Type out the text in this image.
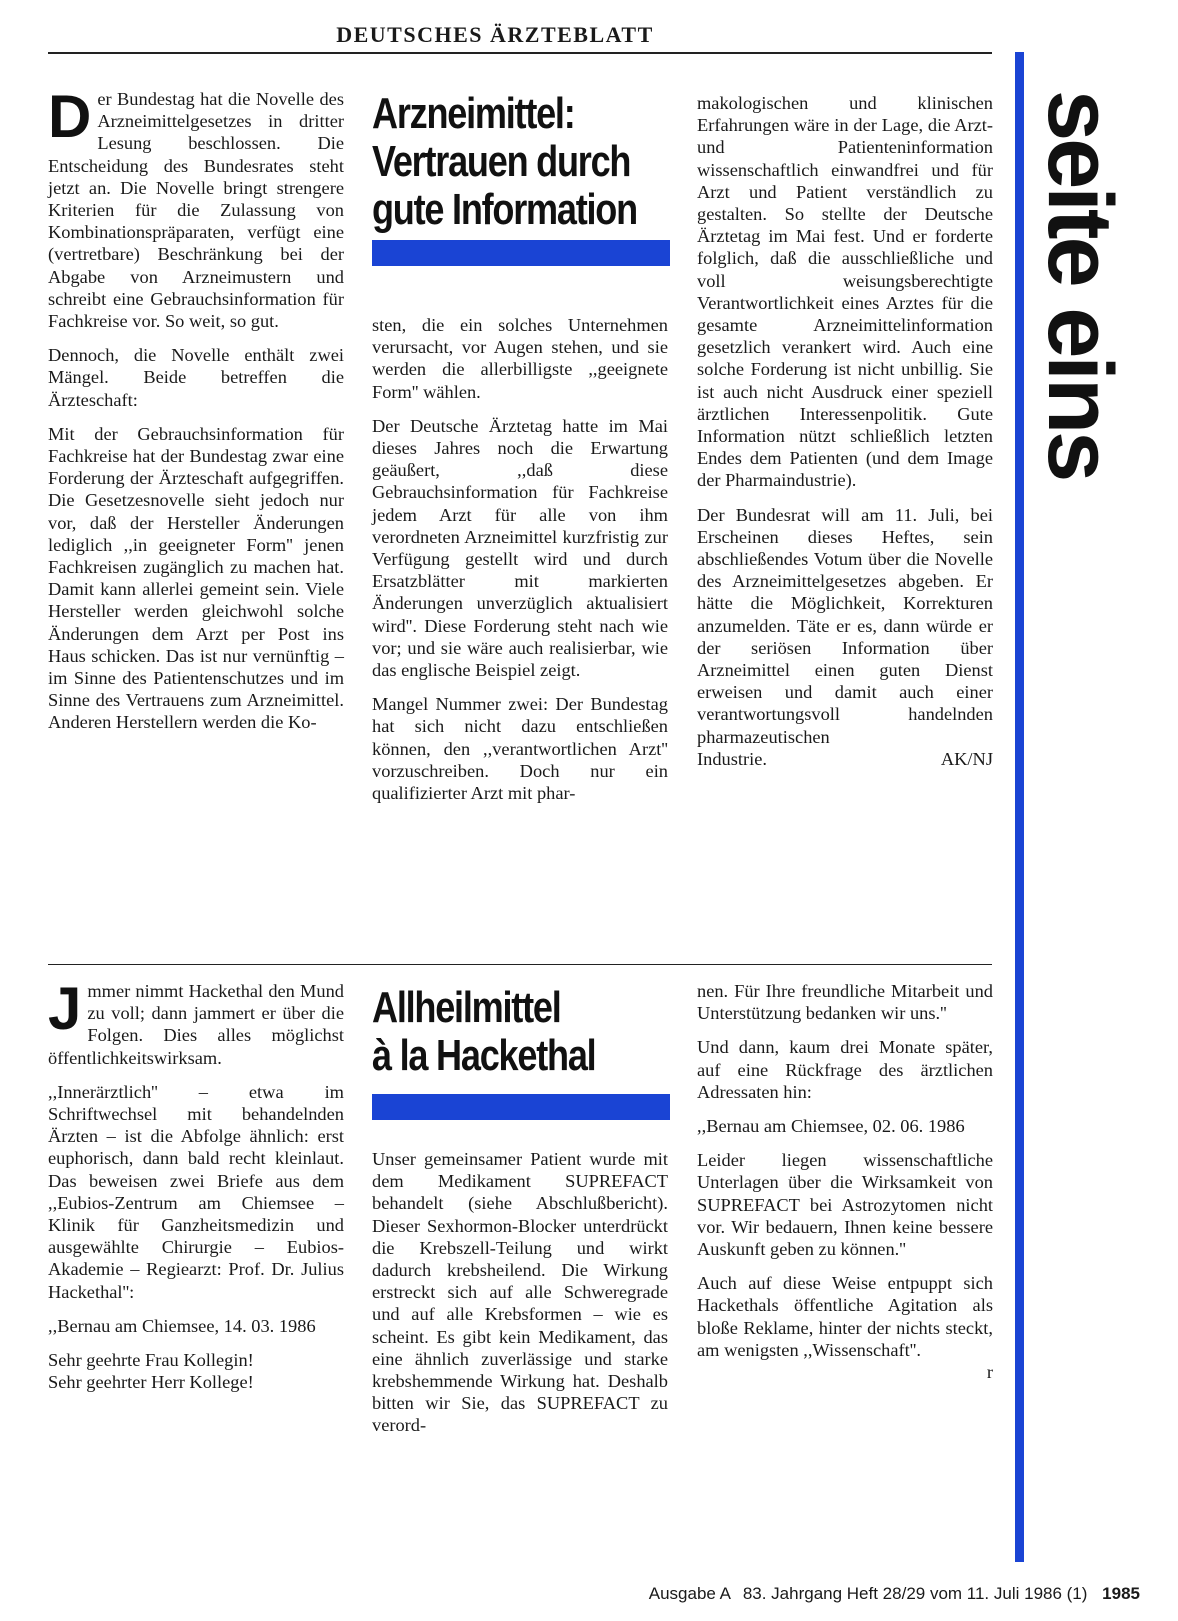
DEUTSCHES ÄRZTEBLATT
seite eins

Der Bundestag hat die Novelle des Arzneimittelgesetzes in dritter Lesung beschlossen. Die Entscheidung des Bundesrates steht jetzt an. Die Novelle bringt strengere Kriterien für die Zulassung von Kombinationspräparaten, verfügt eine (vertretbare) Beschränkung bei der Abgabe von Arzneimustern und schreibt eine Gebrauchsinformation für Fachkreise vor. So weit, so gut.

Dennoch, die Novelle enthält zwei Mängel. Beide betreffen die Ärzteschaft:

Mit der Gebrauchsinformation für Fachkreise hat der Bundestag zwar eine Forderung der Ärzteschaft aufgegriffen. Die Gesetzesnovelle sieht jedoch nur vor, daß der Hersteller Änderungen lediglich ,,in geeigneter Form'' jenen Fachkreisen zugänglich zu machen hat. Damit kann allerlei gemeint sein. Viele Hersteller werden gleichwohl solche Änderungen dem Arzt per Post ins Haus schicken. Das ist nur vernünftig – im Sinne des Patientenschutzes und im Sinne des Vertrauens zum Arzneimittel. Anderen Herstellern werden die Ko-

Arzneimittel:
Vertrauen durch
gute Information

sten, die ein solches Unternehmen verursacht, vor Augen stehen, und sie werden die allerbilligste ,,geeignete Form'' wählen.

Der Deutsche Ärztetag hatte im Mai dieses Jahres noch die Erwartung geäußert, ,,daß diese Gebrauchsinformation für Fachkreise jedem Arzt für alle von ihm verordneten Arzneimittel kurzfristig zur Verfügung gestellt wird und durch Ersatzblätter mit markierten Änderungen unverzüglich aktualisiert wird''. Diese Forderung steht nach wie vor; und sie wäre auch realisierbar, wie das englische Beispiel zeigt.

Mangel Nummer zwei: Der Bundestag hat sich nicht dazu entschließen können, den ,,verantwortlichen Arzt'' vorzuschreiben. Doch nur ein qualifizierter Arzt mit phar-

makologischen und klinischen Erfahrungen wäre in der Lage, die Arzt- und Patienteninformation wissenschaftlich einwandfrei und für Arzt und Patient verständlich zu gestalten. So stellte der Deutsche Ärztetag im Mai fest. Und er forderte folglich, daß die ausschließliche und voll weisungsberechtigte Verantwortlichkeit eines Arztes für die gesamte Arzneimittelinformation gesetzlich verankert wird. Auch eine solche Forderung ist nicht unbillig. Sie ist auch nicht Ausdruck einer speziell ärztlichen Interessenpolitik. Gute Information nützt schließlich letzten Endes dem Patienten (und dem Image der Pharmaindustrie).

Der Bundesrat will am 11. Juli, bei Erscheinen dieses Heftes, sein abschließendes Votum über die Novelle des Arzneimittelgesetzes abgeben. Er hätte die Möglichkeit, Korrekturen anzumelden. Täte er es, dann würde er der seriösen Information über Arzneimittel einen guten Dienst erweisen und damit auch einer verantwortungsvoll handelnden pharmazeutischen

Industrie.	AK/NJ

Jmmer nimmt Hackethal den Mund zu voll; dann jammert er über die Folgen. Dies alles möglichst öffentlichkeitswirksam.

,,Innerärztlich'' – etwa im Schriftwechsel mit behandelnden Ärzten – ist die Abfolge ähnlich: erst euphorisch, dann bald recht kleinlaut. Das beweisen zwei Briefe aus dem ,,Eubios-Zentrum am Chiemsee – Klinik für Ganzheitsmedizin und ausgewählte Chirurgie – Eubios-Akademie – Regiearzt: Prof. Dr. Julius Hackethal'':

,,Bernau am Chiemsee, 14. 03. 1986

Sehr geehrte Frau Kollegin!
Sehr geehrter Herr Kollege!
Allheilmittel
à la Hackethal

Unser gemeinsamer Patient wurde mit dem Medikament SUPREFACT behandelt (siehe Abschlußbericht). Dieser Sexhormon-Blocker unterdrückt die Krebszell-Teilung und wirkt dadurch krebsheilend. Die Wirkung erstreckt sich auf alle Schweregrade und auf alle Krebsformen – wie es scheint. Es gibt kein Medikament, das eine ähnlich zuverlässige und starke krebshemmende Wirkung hat. Deshalb bitten wir Sie, das SUPREFACT zu verord-

nen. Für Ihre freundliche Mitarbeit und Unterstützung bedanken wir uns.''

Und dann, kaum drei Monate später, auf eine Rückfrage des ärztlichen Adressaten hin:

,,Bernau am Chiemsee, 02. 06. 1986

Leider liegen wissenschaftliche Unterlagen über die Wirksamkeit von SUPREFACT bei Astrozytomen nicht vor. Wir bedauern, Ihnen keine bessere Auskunft geben zu können.''

Auch auf diese Weise entpuppt sich Hackethals öffentliche Agitation als bloße Reklame, hinter der nichts steckt, am wenigsten ,,Wissenschaft''.

r
Ausgabe A 83. Jahrgang Heft 28/29 vom 11. Juli 1986 (1) 1985
